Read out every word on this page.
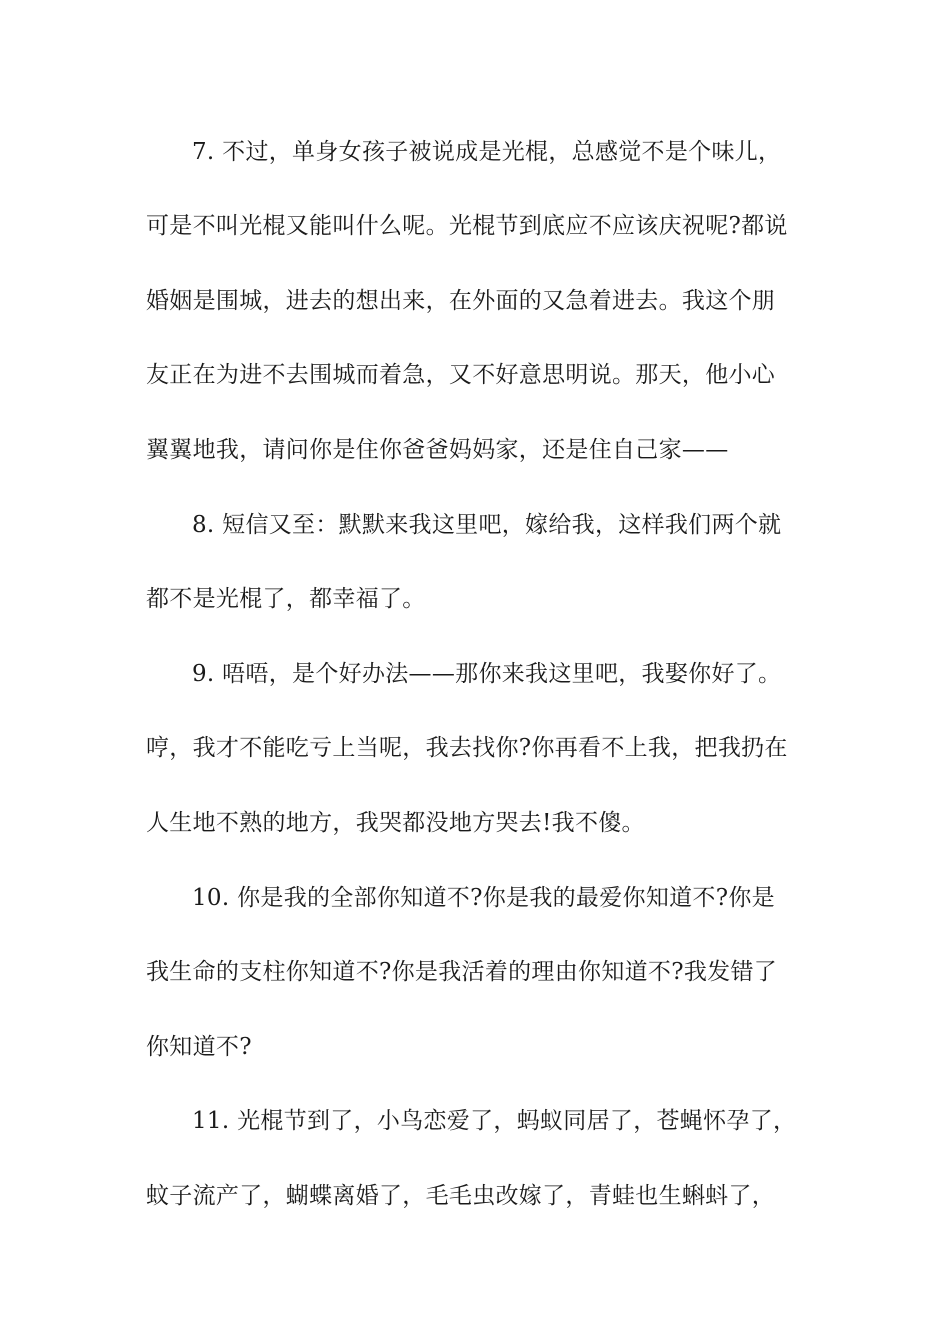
7. 不过，单身女孩子被说成是光棍，总感觉不是个味儿，
可是不叫光棍又能叫什么呢。光棍节到底应不应该庆祝呢?都说
婚姻是围城，进去的想出来，在外面的又急着进去。我这个朋
友正在为进不去围城而着急，又不好意思明说。那天，他小心
翼翼地我，请问你是住你爸爸妈妈家，还是住自己家——
8. 短信又至：默默来我这里吧，嫁给我，这样我们两个就
都不是光棍了，都幸福了。
9. 唔唔，是个好办法——那你来我这里吧，我娶你好了。
哼，我才不能吃亏上当呢，我去找你?你再看不上我，把我扔在
人生地不熟的地方，我哭都没地方哭去!我不傻。
10. 你是我的全部你知道不?你是我的最爱你知道不?你是
我生命的支柱你知道不?你是我活着的理由你知道不?我发错了
你知道不?
11. 光棍节到了，小鸟恋爱了，蚂蚁同居了，苍蝇怀孕了，
蚊子流产了，蝴蝶离婚了，毛毛虫改嫁了，青蛙也生蝌蚪了，
